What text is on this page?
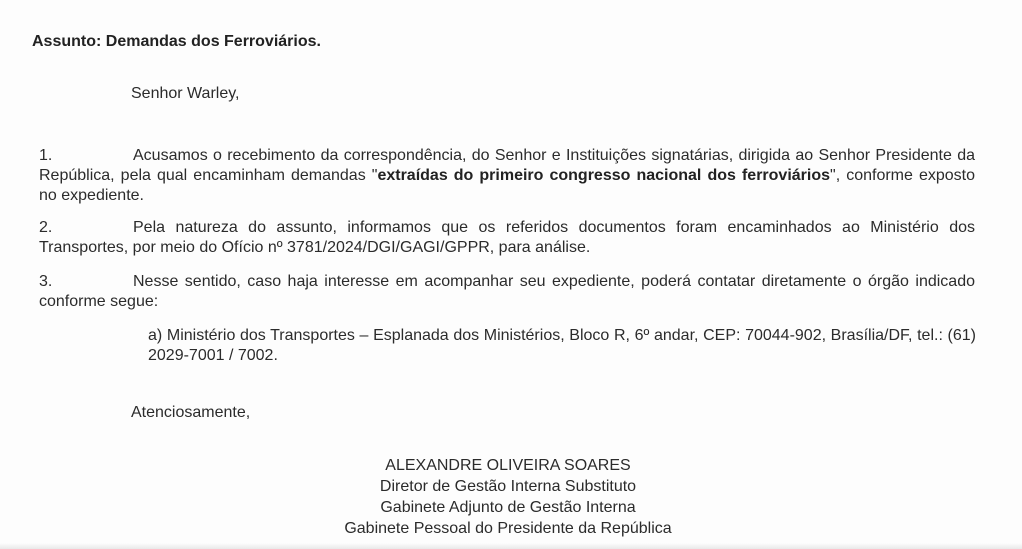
Assunto: Demandas dos Ferroviários.
Senhor Warley,
1.	Acusamos o recebimento da correspondência, do Senhor e Instituições signatárias, dirigida ao Senhor Presidente da República, pela qual encaminham demandas "extraídas do primeiro congresso nacional dos ferroviários", conforme exposto no expediente.
2.	Pela natureza do assunto, informamos que os referidos documentos foram encaminhados ao Ministério dos Transportes, por meio do Ofício nº 3781/2024/DGI/GAGI/GPPR, para análise.
3.	Nesse sentido, caso haja interesse em acompanhar seu expediente, poderá contatar diretamente o órgão indicado conforme segue:
a) Ministério dos Transportes – Esplanada dos Ministérios, Bloco R, 6º andar, CEP: 70044-902, Brasília/DF, tel.: (61) 2029-7001 / 7002.
Atenciosamente,
ALEXANDRE OLIVEIRA SOARES
Diretor de Gestão Interna Substituto
Gabinete Adjunto de Gestão Interna
Gabinete Pessoal do Presidente da República
